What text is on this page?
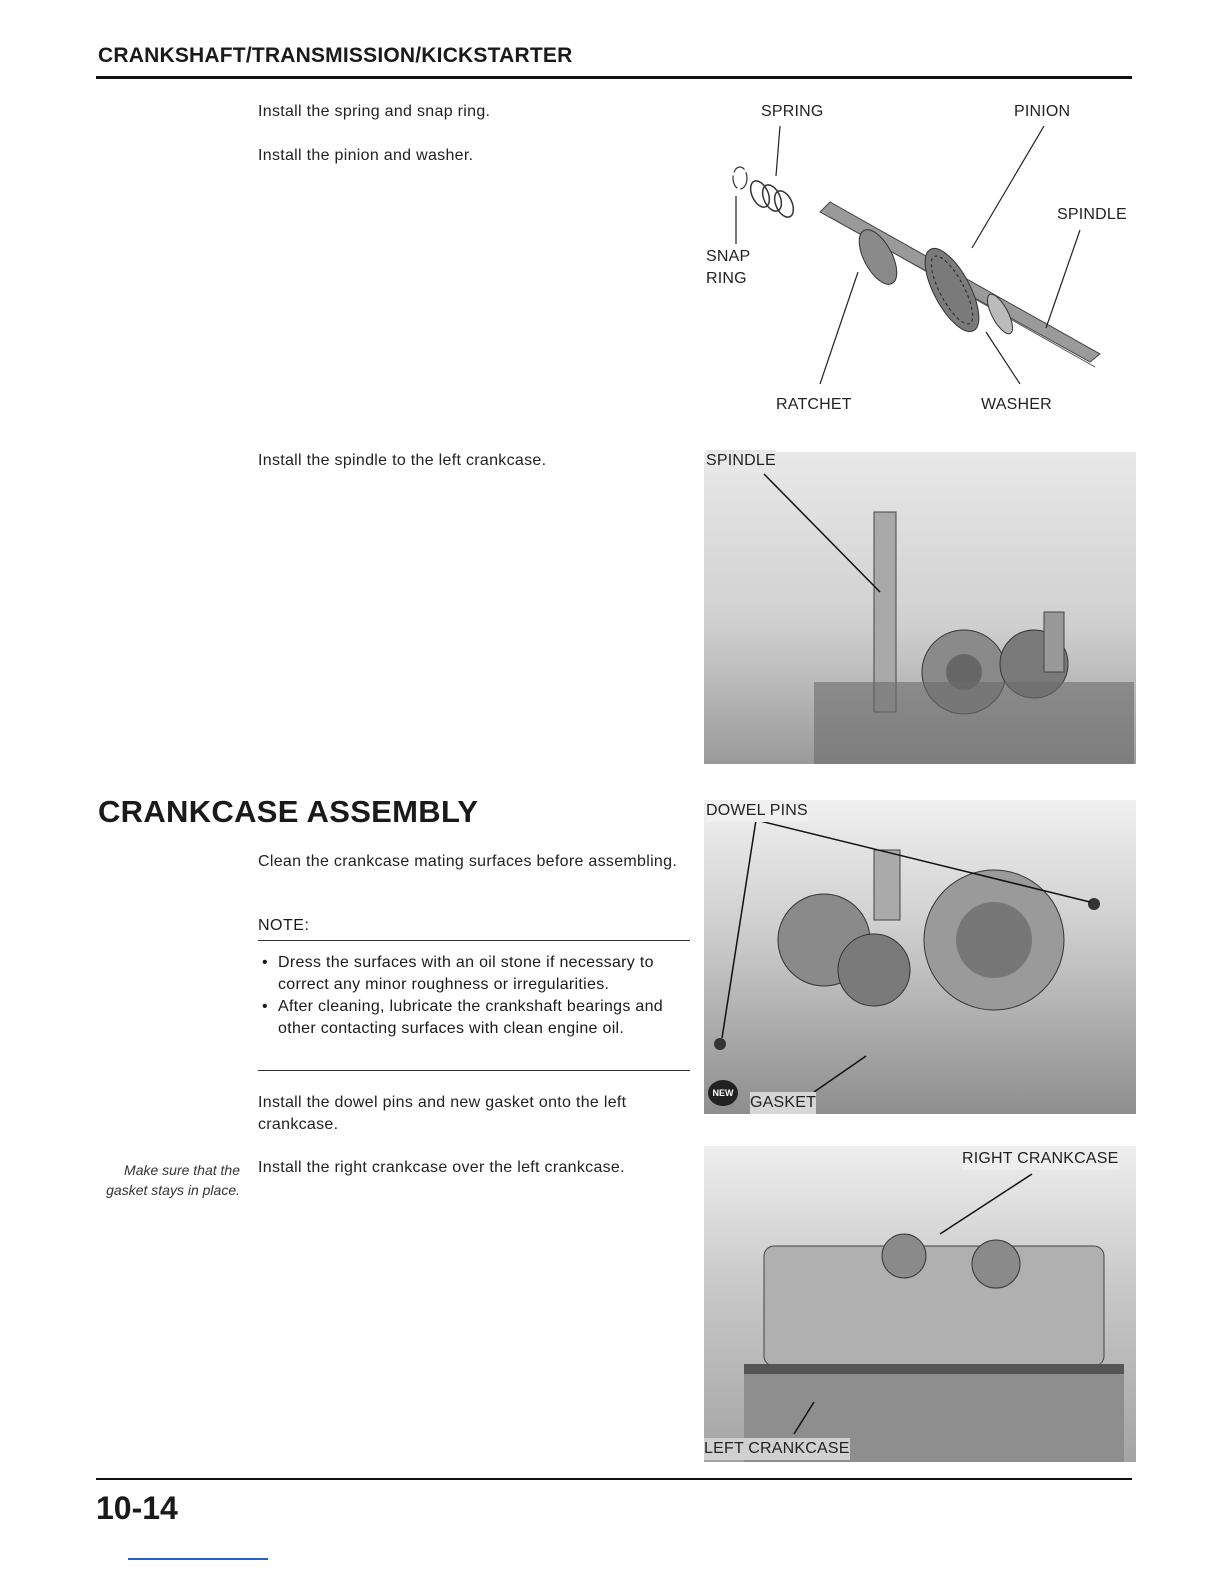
CRANKSHAFT/TRANSMISSION/KICKSTARTER
Install the spring and snap ring.
Install the pinion and washer.
Install the spindle to the left crankcase.
SPRING	PINION
SPINDLE
SNAP
RING
RATCHET	WASHER
SPINDLE
CRANKCASE ASSEMBLY
Clean the crankcase mating surfaces before assembling.
NOTE:
• Dress the surfaces with an oil stone if necessary to correct any minor roughness or irregularities.
• After cleaning, lubricate the crankshaft bearings and other contacting surfaces with clean engine oil.
Install the dowel pins and new gasket onto the left crankcase.
Install the right crankcase over the left crankcase.
Make sure that the gasket stays in place.
DOWEL PINS
NEW
GASKET
RIGHT CRANKCASE
LEFT CRANKCASE
10-14
